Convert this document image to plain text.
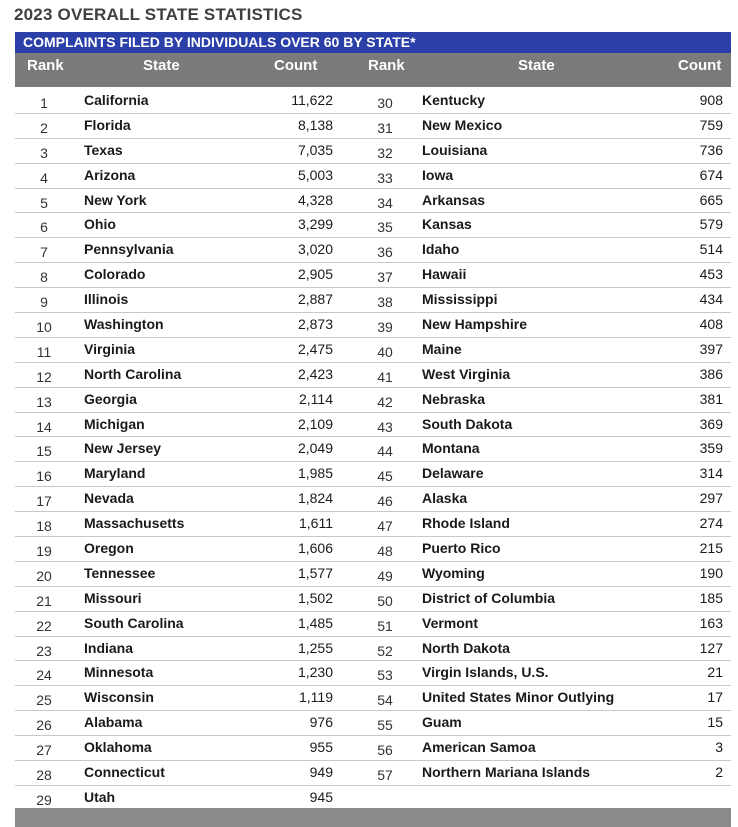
2023 OVERALL STATE STATISTICS
COMPLAINTS FILED BY INDIVIDUALS OVER 60 BY STATE*
Rank	State	Count	Rank	State	Count
1	California	11,622	30	Kentucky	908
2	Florida	8,138	31	New Mexico	759
3	Texas	7,035	32	Louisiana	736
4	Arizona	5,003	33	Iowa	674
5	New York	4,328	34	Arkansas	665
6	Ohio	3,299	35	Kansas	579
7	Pennsylvania	3,020	36	Idaho	514
8	Colorado	2,905	37	Hawaii	453
9	Illinois	2,887	38	Mississippi	434
10	Washington	2,873	39	New Hampshire	408
11	Virginia	2,475	40	Maine	397
12	North Carolina	2,423	41	West Virginia	386
13	Georgia	2,114	42	Nebraska	381
14	Michigan	2,109	43	South Dakota	369
15	New Jersey	2,049	44	Montana	359
16	Maryland	1,985	45	Delaware	314
17	Nevada	1,824	46	Alaska	297
18	Massachusetts	1,611	47	Rhode Island	274
19	Oregon	1,606	48	Puerto Rico	215
20	Tennessee	1,577	49	Wyoming	190
21	Missouri	1,502	50	District of Columbia	185
22	South Carolina	1,485	51	Vermont	163
23	Indiana	1,255	52	North Dakota	127
24	Minnesota	1,230	53	Virgin Islands, U.S.	21
25	Wisconsin	1,119	54	United States Minor Outlying	17
26	Alabama	976	55	Guam	15
27	Oklahoma	955	56	American Samoa	3
28	Connecticut	949	57	Northern Mariana Islands	2
29	Utah	945
